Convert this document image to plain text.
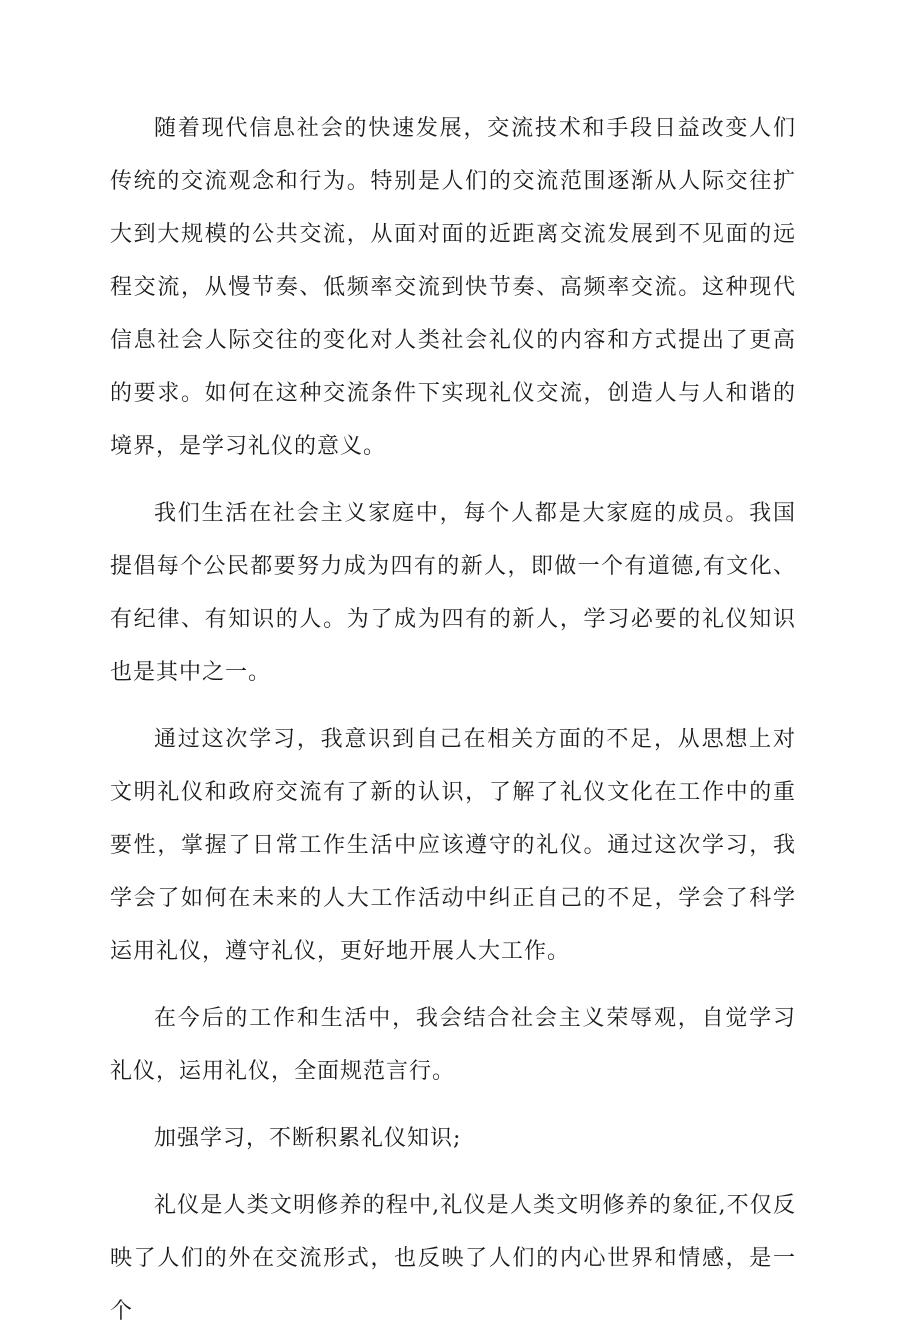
随着现代信息社会的快速发展，交流技术和手段日益改变人们传统的交流观念和行为。特别是人们的交流范围逐渐从人际交往扩大到大规模的公共交流，从面对面的近距离交流发展到不见面的远程交流，从慢节奏、低频率交流到快节奏、高频率交流。这种现代信息社会人际交往的变化对人类社会礼仪的内容和方式提出了更高的要求。如何在这种交流条件下实现礼仪交流，创造人与人和谐的境界，是学习礼仪的意义。

我们生活在社会主义家庭中，每个人都是大家庭的成员。我国提倡每个公民都要努力成为四有的新人，即做一个有道德,有文化、有纪律、有知识的人。为了成为四有的新人，学习必要的礼仪知识也是其中之一。

通过这次学习，我意识到自己在相关方面的不足，从思想上对文明礼仪和政府交流有了新的认识，了解了礼仪文化在工作中的重要性，掌握了日常工作生活中应该遵守的礼仪。通过这次学习，我学会了如何在未来的人大工作活动中纠正自己的不足，学会了科学运用礼仪，遵守礼仪，更好地开展人大工作。

在今后的工作和生活中，我会结合社会主义荣辱观，自觉学习礼仪，运用礼仪，全面规范言行。

加强学习，不断积累礼仪知识;

礼仪是人类文明修养的程中,礼仪是人类文明修养的象征,不仅反映了人们的外在交流形式，也反映了人们的内心世界和情感，是一个
